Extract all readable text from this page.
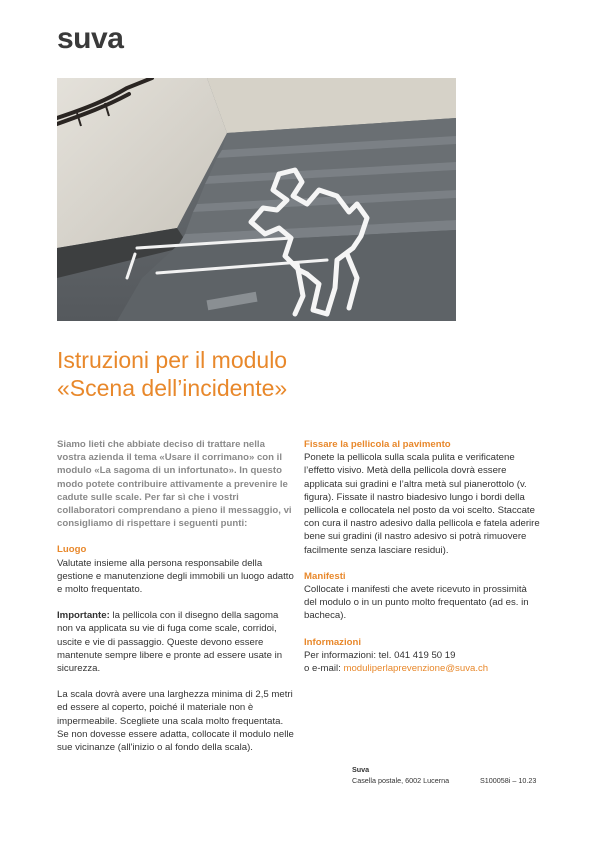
suva
Istruzioni per il modulo
«Scena dell’incidente»

Siamo lieti che abbiate deciso di trattare nella vostra azienda il tema «Usare il corrimano» con il modulo «La sagoma di un infortunato». In questo modo potete contribuire attivamente a prevenire le cadute sulle scale. Per far sì che i vostri collaboratori comprendano a pieno il messaggio, vi consigliamo di rispettare i seguenti punti:

Luogo

Valutate insieme alla persona responsabile della gestione e manutenzione degli immobili un luogo adatto e molto frequentato.

Importante: la pellicola con il disegno della sagoma non va applicata su vie di fuga come scale, corridoi, uscite e vie di passaggio. Queste devono essere mantenute sempre libere e pronte ad essere usate in sicurezza.

La scala dovrà avere una larghezza minima di 2,5 metri ed essere al coperto, poiché il materiale non è impermeabile. Scegliete una scala molto frequentata. Se non dovesse essere adatta, collocate il modulo nelle sue vicinanze (all'inizio o al fondo della scala).

Fissare la pellicola al pavimento

Ponete la pellicola sulla scala pulita e verificatene l’effetto visivo. Metà della pellicola dovrà essere applicata sui gradini e l’altra metà sul pianerottolo (v. figura). Fissate il nastro biadesivo lungo i bordi della pellicola e collocatela nel posto da voi scelto. Staccate con cura il nastro adesivo dalla pellicola e fatela aderire bene sui gradini (il nastro adesivo si potrà rimuovere facilmente senza lasciare residui).

Manifesti

Collocate i manifesti che avete ricevuto in prossimità del modulo o in un punto molto frequentato (ad es. in bacheca).

Informazioni

Per informazioni: tel. 041 419 50 19

o e-mail: moduliperlaprevenzione@suva.ch

Suva
Casella postale, 6002 Lucerna	S100058i – 10.23
